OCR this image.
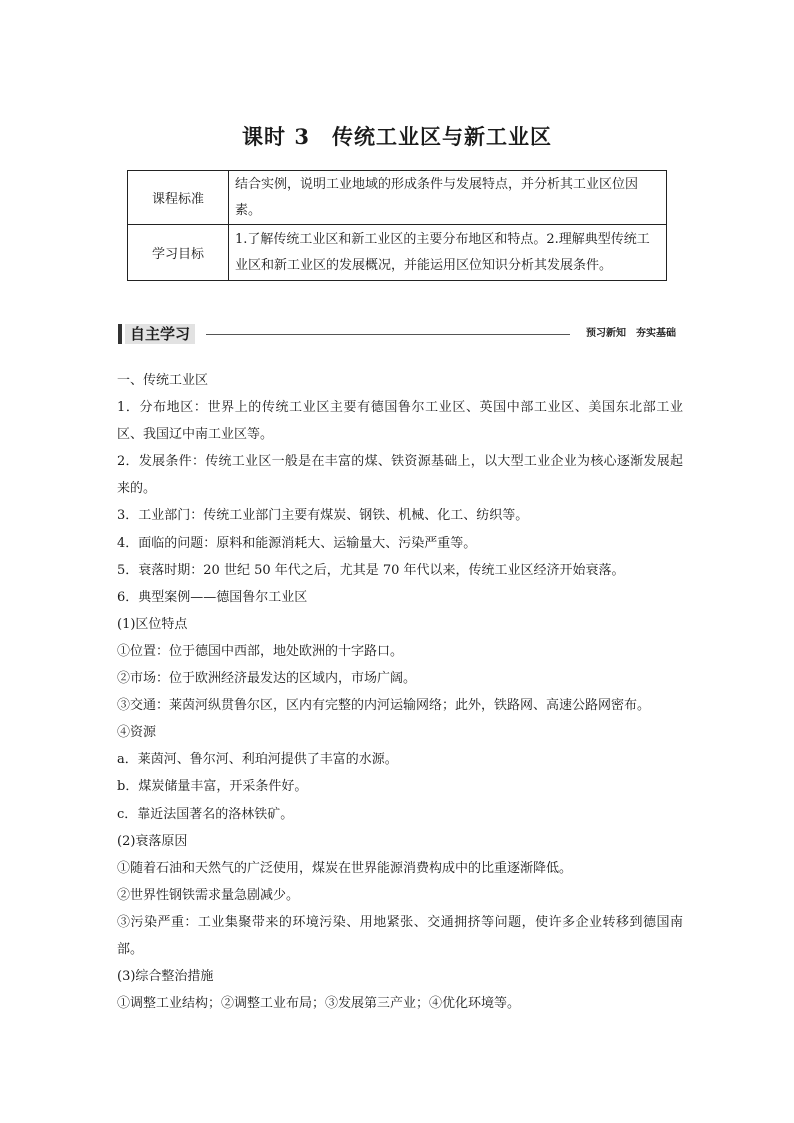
课时 3　传统工业区与新工业区
课程标准	结合实例，说明工业地域的形成条件与发展特点，并分析其工业区位因素。
学习目标	1.了解传统工业区和新工业区的主要分布地区和特点。2.理解典型传统工业区和新工业区的发展概况，并能运用区位知识分析其发展条件。
自主学习	预习新知　夯实基础

一、传统工业区

1．分布地区：世界上的传统工业区主要有德国鲁尔工业区、英国中部工业区、美国东北部工业区、我国辽中南工业区等。

2．发展条件：传统工业区一般是在丰富的煤、铁资源基础上，以大型工业企业为核心逐渐发展起来的。

3．工业部门：传统工业部门主要有煤炭、钢铁、机械、化工、纺织等。

4．面临的问题：原料和能源消耗大、运输量大、污染严重等。

5．衰落时期：20 世纪 50 年代之后，尤其是 70 年代以来，传统工业区经济开始衰落。

6．典型案例——德国鲁尔工业区

(1)区位特点

①位置：位于德国中西部，地处欧洲的十字路口。

②市场：位于欧洲经济最发达的区域内，市场广阔。

③交通：莱茵河纵贯鲁尔区，区内有完整的内河运输网络；此外，铁路网、高速公路网密布。

④资源

a．莱茵河、鲁尔河、利珀河提供了丰富的水源。

b．煤炭储量丰富，开采条件好。

c．靠近法国著名的洛林铁矿。

(2)衰落原因

①随着石油和天然气的广泛使用，煤炭在世界能源消费构成中的比重逐渐降低。

②世界性钢铁需求量急剧减少。

③污染严重：工业集聚带来的环境污染、用地紧张、交通拥挤等问题，使许多企业转移到德国南部。

(3)综合整治措施

①调整工业结构；②调整工业布局；③发展第三产业；④优化环境等。
